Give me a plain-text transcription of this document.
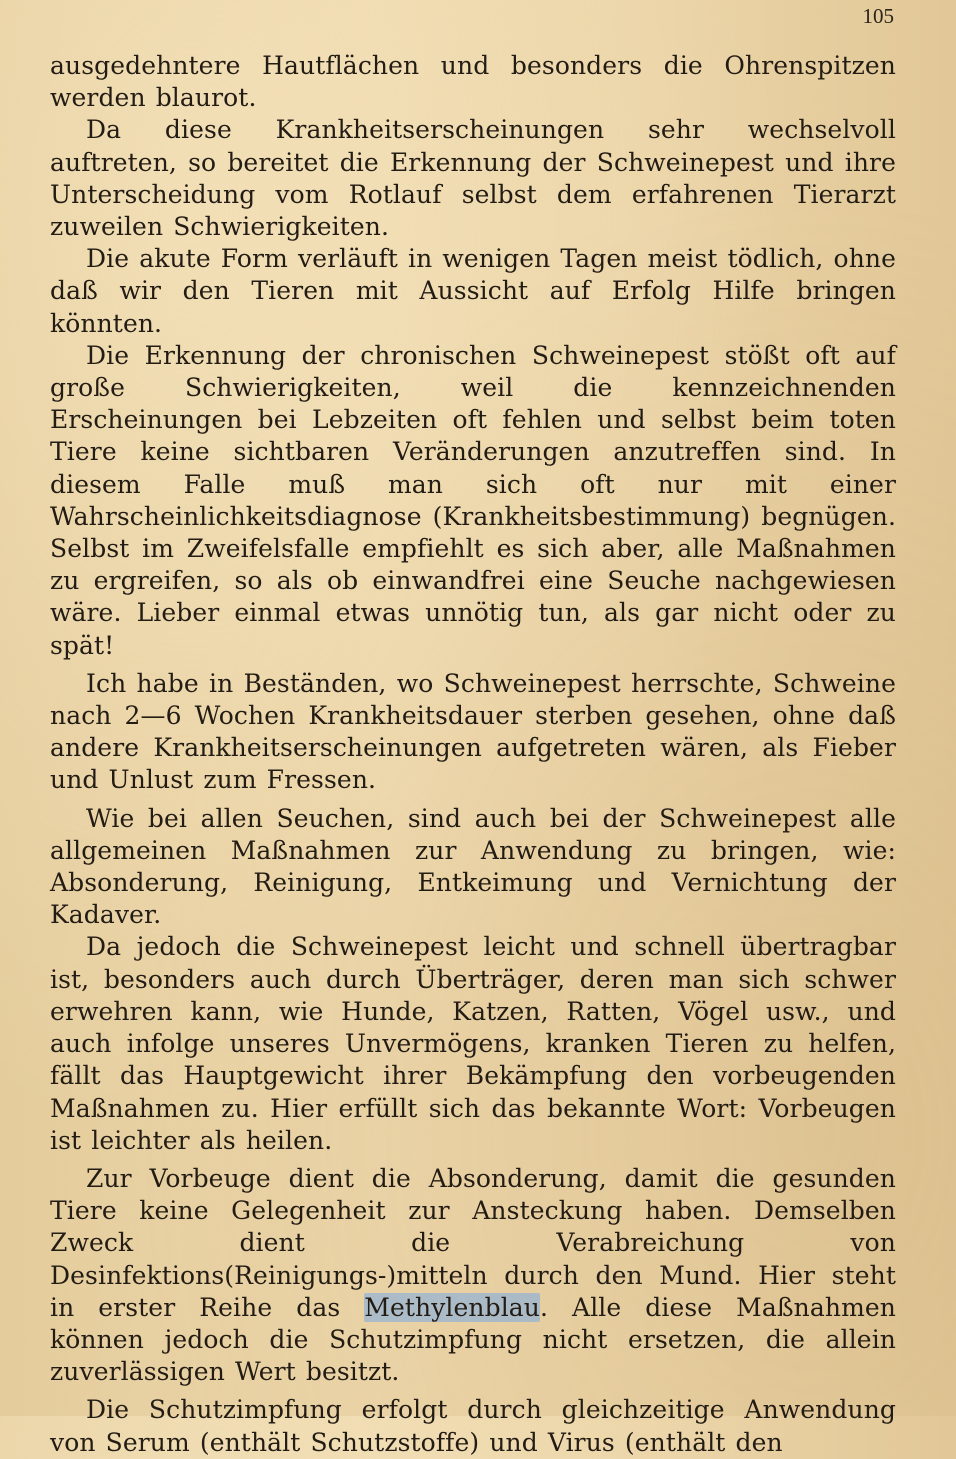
105

ausgedehntere Hautflächen und besonders die Ohrenspitzen werden blaurot.

Da diese Krankheitserscheinungen sehr wechselvoll auftreten, so bereitet die Erkennung der Schweinepest und ihre Unterscheidung vom Rotlauf selbst dem erfahrenen Tierarzt zuweilen Schwierigkeiten.

Die akute Form verläuft in wenigen Tagen meist tödlich, ohne daß wir den Tieren mit Aussicht auf Erfolg Hilfe bringen könnten.

Die Erkennung der chronischen Schweinepest stößt oft auf große Schwierigkeiten, weil die kennzeichnenden Erscheinungen bei Lebzeiten oft fehlen und selbst beim toten Tiere keine sichtbaren Veränderungen anzutreffen sind. In diesem Falle muß man sich oft nur mit einer Wahrscheinlichkeitsdiagnose (Krankheitsbestimmung) begnügen. Selbst im Zweifelsfalle empfiehlt es sich aber, alle Maßnahmen zu ergreifen, so als ob einwandfrei eine Seuche nachgewiesen wäre. Lieber einmal etwas unnötig tun, als gar nicht oder zu spät!

Ich habe in Beständen, wo Schweinepest herrschte, Schweine nach 2—6 Wochen Krankheitsdauer sterben gesehen, ohne daß andere Krankheitserscheinungen aufgetreten wären, als Fieber und Unlust zum Fressen.

Wie bei allen Seuchen, sind auch bei der Schweinepest alle allgemeinen Maßnahmen zur Anwendung zu bringen, wie: Absonderung, Reinigung, Entkeimung und Vernichtung der Kadaver.

Da jedoch die Schweinepest leicht und schnell übertragbar ist, besonders auch durch Überträger, deren man sich schwer erwehren kann, wie Hunde, Katzen, Ratten, Vögel usw., und auch infolge unseres Unvermögens, kranken Tieren zu helfen, fällt das Hauptgewicht ihrer Bekämpfung den vorbeugenden Maßnahmen zu. Hier erfüllt sich das bekannte Wort: Vorbeugen ist leichter als heilen.

Zur Vorbeuge dient die Absonderung, damit die gesunden Tiere keine Gelegenheit zur Ansteckung haben. Demselben Zweck dient die Verabreichung von Desinfektions(Reinigungs-)mitteln durch den Mund. Hier steht in erster Reihe das Methylenblau. Alle diese Maßnahmen können jedoch die Schutzimpfung nicht ersetzen, die allein zuverlässigen Wert besitzt.

Die Schutzimpfung erfolgt durch gleichzeitige Anwendung von Serum (enthält Schutzstoffe) und Virus (enthält den
